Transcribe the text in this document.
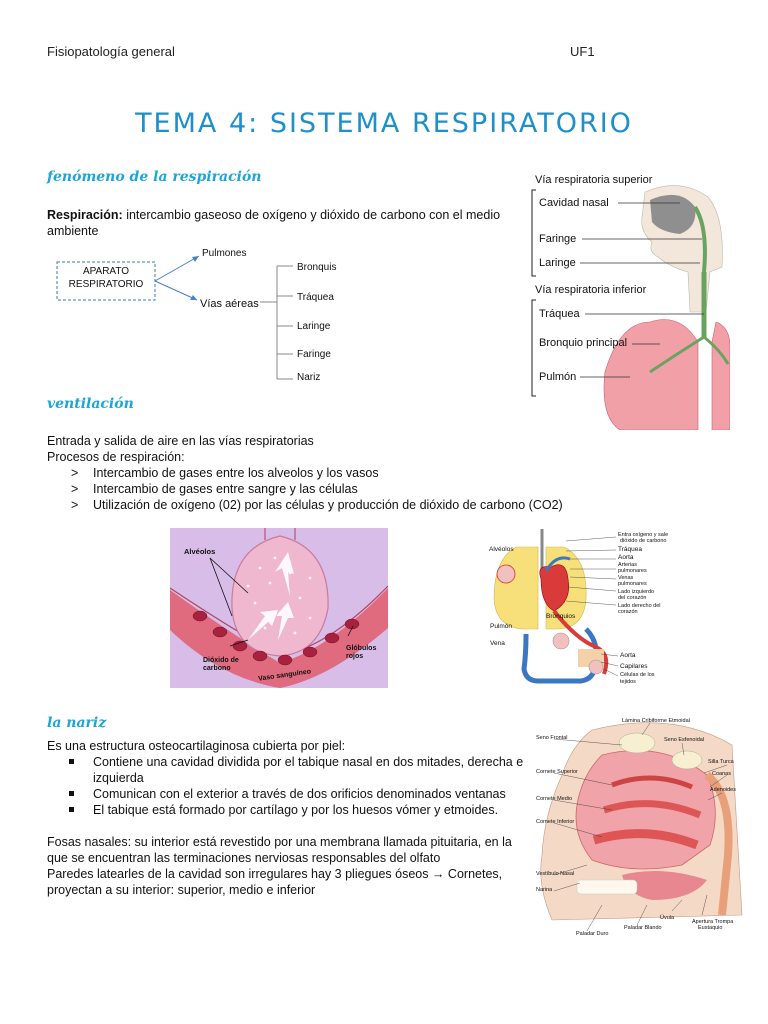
Fisiopatología general	UF1
TEMA 4: SISTEMA RESPIRATORIO
fenómeno de la respiración
Respiración: intercambio gaseoso de oxígeno y dióxido de carbono con el medio ambiente
APARATO RESPIRATORIO
Pulmones
Vías aéreas
Bronquis
Tráquea
Laringe
Faringe
Nariz
Vía respiratoria superior
Cavidad nasal
Faringe
Laringe
Vía respiratoria inferior
Tráquea
Bronquio principal
Pulmón
ventilación
Entrada y salida de aire en las vías respiratorias
Procesos de respiración:
> Intercambio de gases entre los alveolos y los vasos
> Intercambio de gases entre sangre y las células
> Utilización de oxígeno (02) por las células y producción de dióxido de carbono (CO2)
Alvéolos
Dióxido de carbono
Glóbulos rojos
Vaso sanguíneo
Entra oxígeno y sale
dióxido de carbono
Tráquea
Aorta
Arterias
pulmonares
Venas
pulmonares
Lado izquierdo
del corazón
Lado derecho del
corazón
Alvéolos
Bronquios
Pulmón
Vena
Aorta
Capilares
Células de los
tejidos
la nariz
Es una estructura osteocartilaginosa cubierta por piel:
Contiene una cavidad dividida por el tabique nasal en dos mitades, derecha e izquierda
Comunican con el exterior a través de dos orificios denominados ventanas
El tabique está formado por cartílago y por los huesos vómer y etmoides.
Fosas nasales: su interior está revestido por una membrana llamada pituitaria, en la que se encuentran las terminaciones nerviosas responsables del olfato
Paredes latearles de la cavidad son irregulares hay 3 pliegues óseos → Cornetes, proyectan a su interior: superior, medio e inferior
Lámina Cribiforme Etmoidal
Seno Frontal	Seno Esfenoidal
Cornete Superior
Silla Turca
Coanas
Cornete Medio
Adenoides
Cornete Inferior
Vestíbulo Nasal
Narina
Úvula
Apertura Trompa
Eustaquio
Paladar Blando
Paladar Duro
